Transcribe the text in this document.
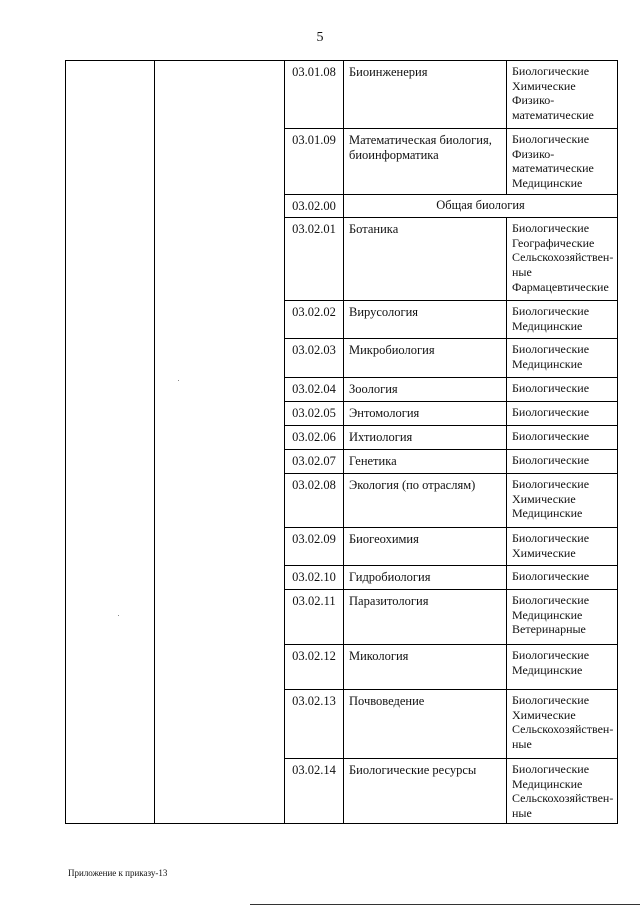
5
		03.01.08	Биоинженерия	Биологические
Химические
Физико-
математические

		03.01.09	Математическая биология, биоинформатика	Биологические
Физико-
математические
Медицинские

		03.02.00	Общая биология	
		03.02.01	Ботаника	Биологические
Географические
Сельскохозяйствен-
ные
Фармацевтические

		03.02.02	Вирусология	Биологические
Медицинские

		03.02.03	Микробиология	Биологические
Медицинские

		03.02.04	Зоология	Биологические

		03.02.05	Энтомология	Биологические

		03.02.06	Ихтиология	Биологические

		03.02.07	Генетика	Биологические

		03.02.08	Экология (по отраслям)	Биологические
Химические
Медицинские

		03.02.09	Биогеохимия	Биологические
Химические

		03.02.10	Гидробиология	Биологические

		03.02.11	Паразитология	Биологические
Медицинские
Ветеринарные

		03.02.12	Микология	Биологические
Медицинские

		03.02.13	Почвоведение	Биологические
Химические
Сельскохозяйствен-
ные

		03.02.14	Биологические ресурсы	Биологические
Медицинские
Сельскохозяйствен-
ные
Приложение к приказу-13
